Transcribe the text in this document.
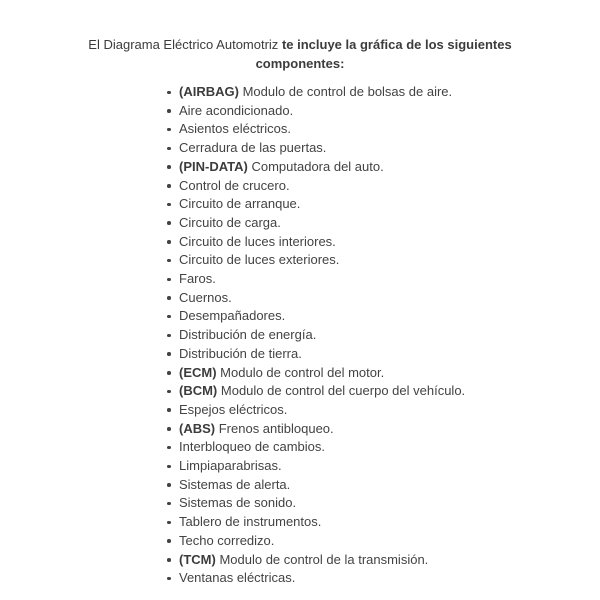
El Diagrama Eléctrico Automotriz te incluye la gráfica de los siguientes
componentes:
(AIRBAG) Modulo de control de bolsas de aire.
Aire acondicionado.
Asientos eléctricos.
Cerradura de las puertas.
(PIN-DATA) Computadora del auto.
Control de crucero.
Circuito de arranque.
Circuito de carga.
Circuito de luces interiores.
Circuito de luces exteriores.
Faros.
Cuernos.
Desempañadores.
Distribución de energía.
Distribución de tierra.
(ECM) Modulo de control del motor.
(BCM) Modulo de control del cuerpo del vehículo.
Espejos eléctricos.
(ABS) Frenos antibloqueo.
Interbloqueo de cambios.
Limpiaparabrisas.
Sistemas de alerta.
Sistemas de sonido.
Tablero de instrumentos.
Techo corredizo.
(TCM) Modulo de control de la transmisión.
Ventanas eléctricas.
